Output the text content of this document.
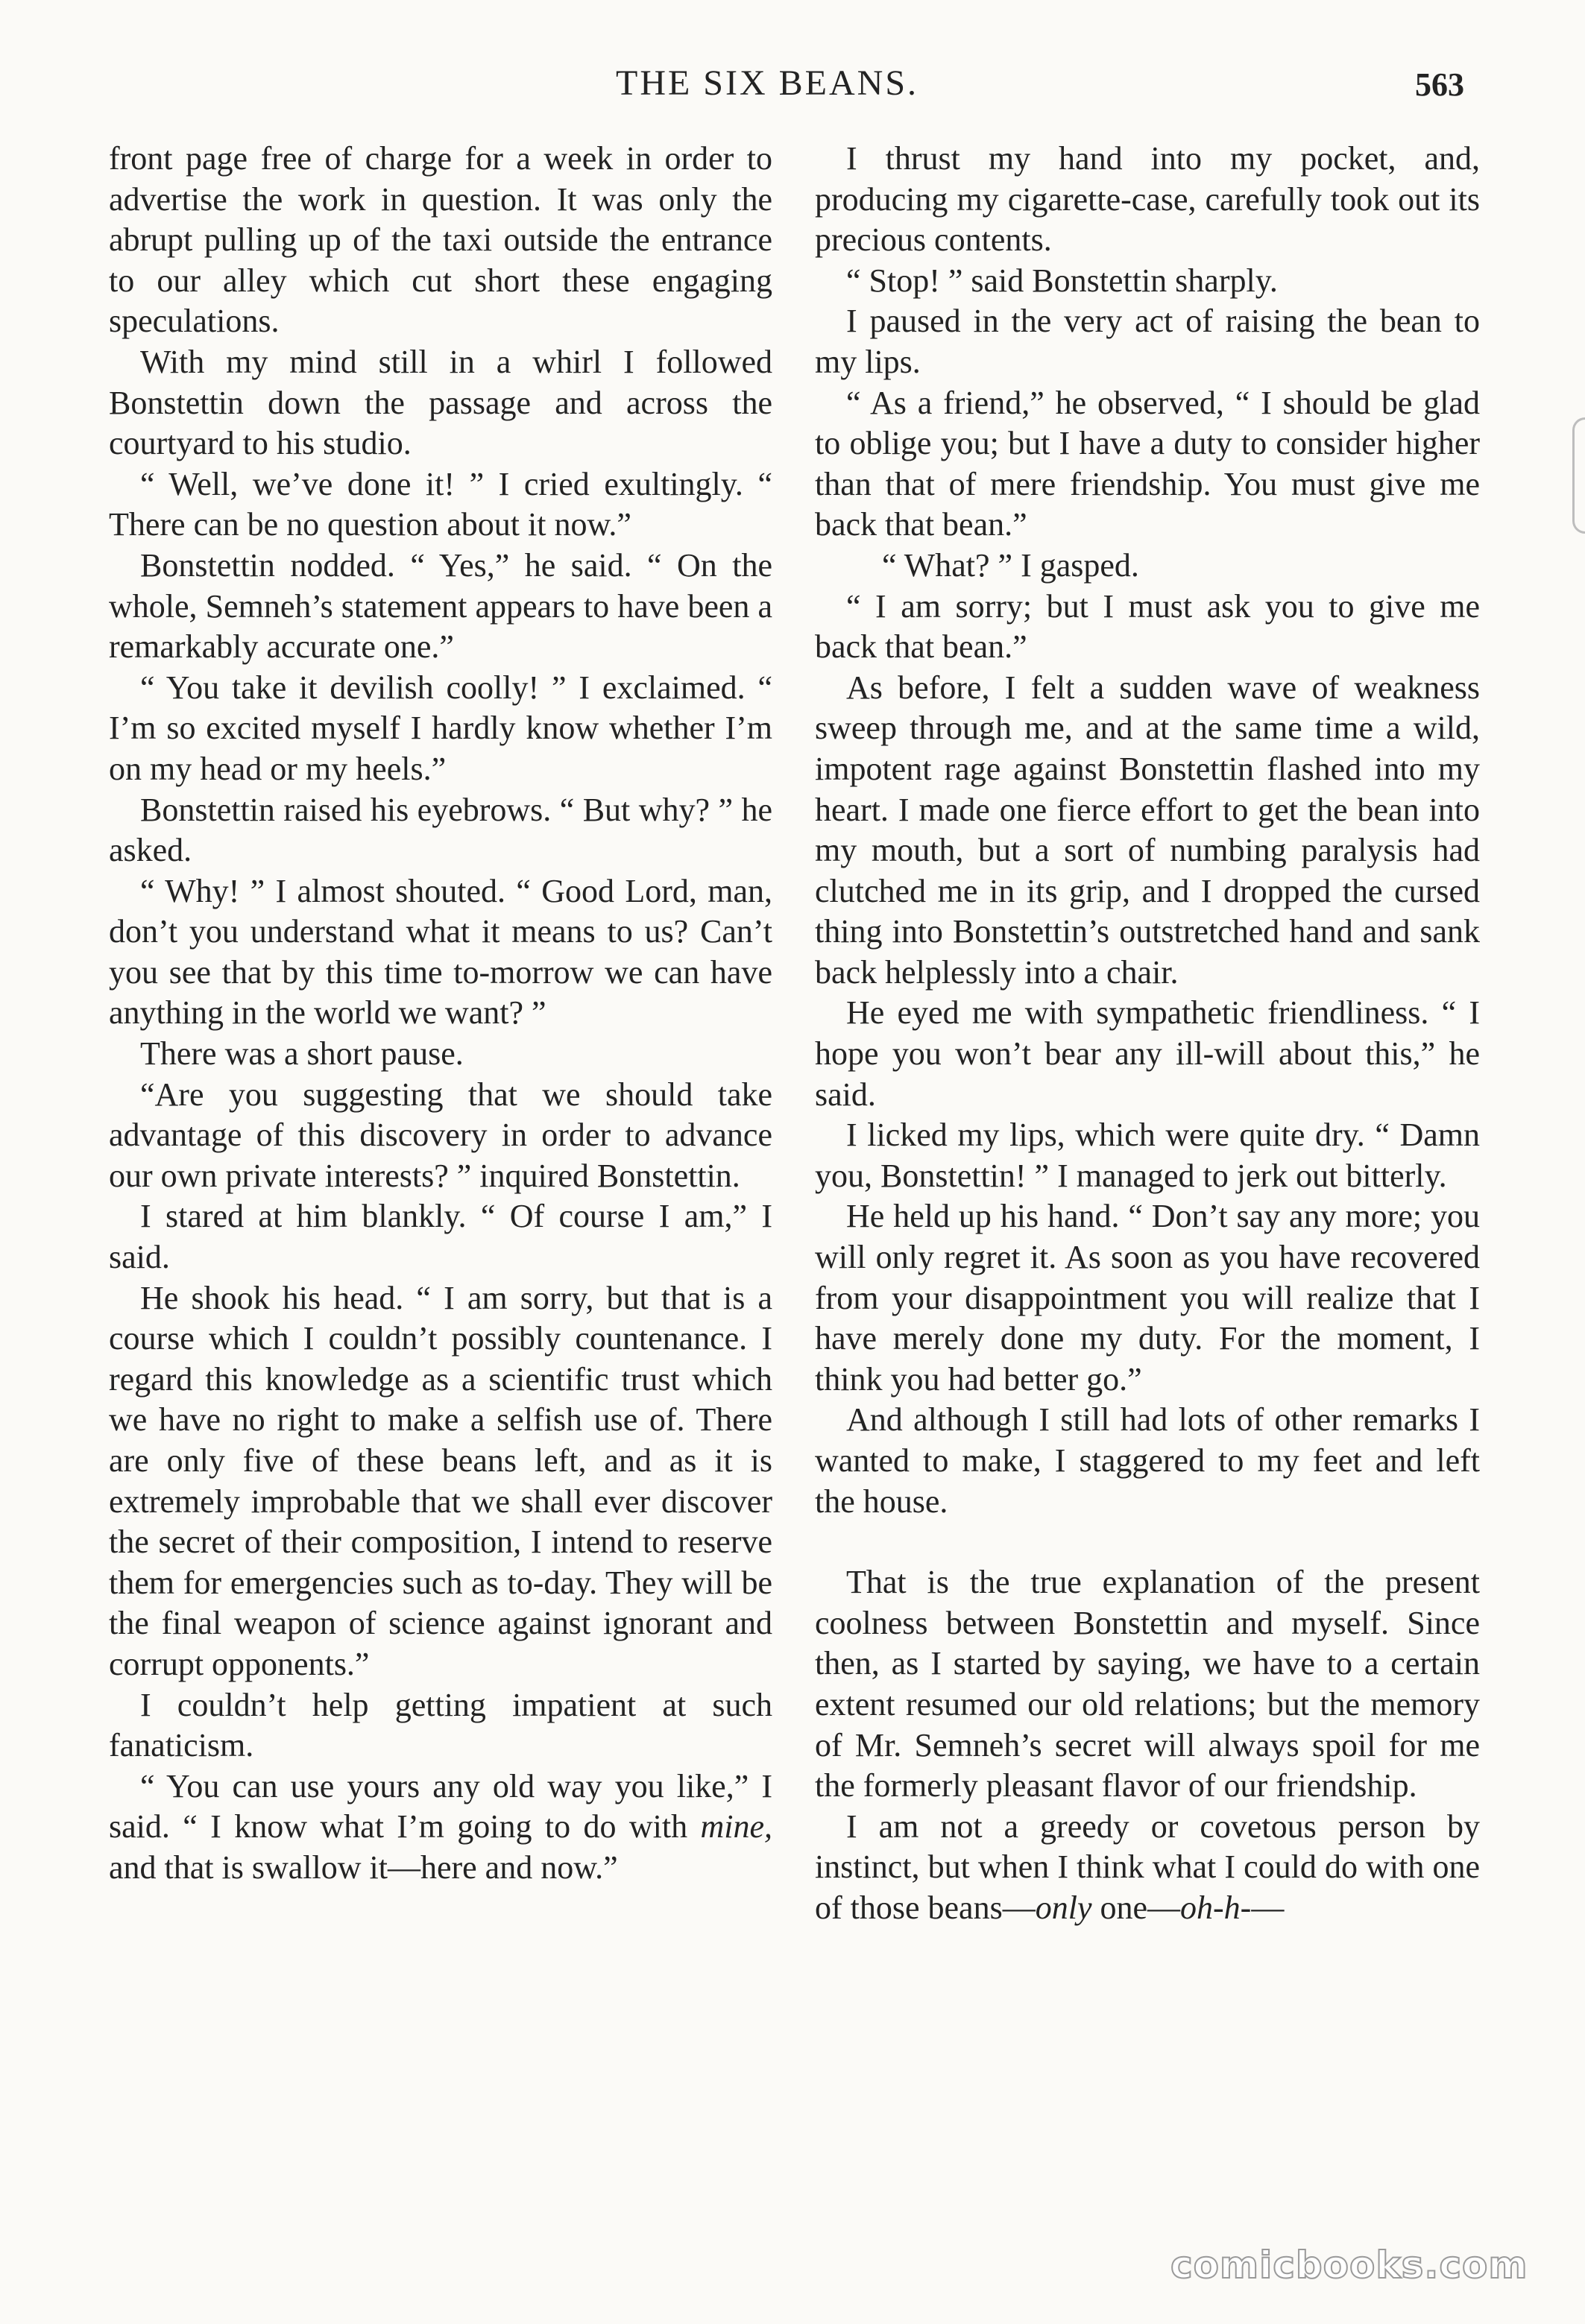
THE SIX BEANS.	563

front page free of charge for a week in order to advertise the work in question. It was only the abrupt pulling up of the taxi outside the entrance to our alley which cut short these engaging speculations.

With my mind still in a whirl I followed Bonstettin down the passage and across the courtyard to his studio.

“ Well, we’ve done it! ” I cried exultingly. “ There can be no question about it now.”

Bonstettin nodded. “ Yes,” he said. “ On the whole, Semneh’s statement appears to have been a remarkably accurate one.”

“ You take it devilish coolly! ” I exclaimed. “ I’m so excited myself I hardly know whether I’m on my head or my heels.”

Bonstettin raised his eyebrows. “ But why? ” he asked.

“ Why! ” I almost shouted. “ Good Lord, man, don’t you understand what it means to us? Can’t you see that by this time to-morrow we can have anything in the world we want? ”

There was a short pause.

“Are you suggesting that we should take advantage of this discovery in order to advance our own private interests? ” inquired Bonstettin.

I stared at him blankly. “ Of course I am,” I said.

He shook his head. “ I am sorry, but that is a course which I couldn’t possibly countenance. I regard this knowledge as a scientific trust which we have no right to make a selfish use of. There are only five of these beans left, and as it is extremely improbable that we shall ever discover the secret of their composition, I intend to reserve them for emergencies such as to-day. They will be the final weapon of science against ignorant and corrupt opponents.”

I couldn’t help getting impatient at such fanaticism.

“ You can use yours any old way you like,” I said. “ I know what I’m going to do with mine, and that is swallow it—here and now.”

I thrust my hand into my pocket, and, producing my cigarette-case, carefully took out its precious contents.

“ Stop! ” said Bonstettin sharply.

I paused in the very act of raising the bean to my lips.

“ As a friend,” he observed, “ I should be glad to oblige you; but I have a duty to consider higher than that of mere friendship. You must give me back that bean.”

“ What? ” I gasped.

“ I am sorry; but I must ask you to give me back that bean.”

As before, I felt a sudden wave of weakness sweep through me, and at the same time a wild, impotent rage against Bonstettin flashed into my heart. I made one fierce effort to get the bean into my mouth, but a sort of numbing paralysis had clutched me in its grip, and I dropped the cursed thing into Bonstettin’s outstretched hand and sank back helplessly into a chair.

He eyed me with sympathetic friendliness. “ I hope you won’t bear any ill-will about this,” he said.

I licked my lips, which were quite dry. “ Damn you, Bonstettin! ” I managed to jerk out bitterly.

He held up his hand. “ Don’t say any more; you will only regret it. As soon as you have recovered from your disappointment you will realize that I have merely done my duty. For the moment, I think you had better go.”

And although I still had lots of other remarks I wanted to make, I staggered to my feet and left the house.

That is the true explanation of the present coolness between Bonstettin and myself. Since then, as I started by saying, we have to a certain extent resumed our old relations; but the memory of Mr. Semneh’s secret will always spoil for me the formerly pleasant flavor of our friendship.

I am not a greedy or covetous person by instinct, but when I think what I could do with one of those beans—only one—oh-h-—

comicbooks.com
